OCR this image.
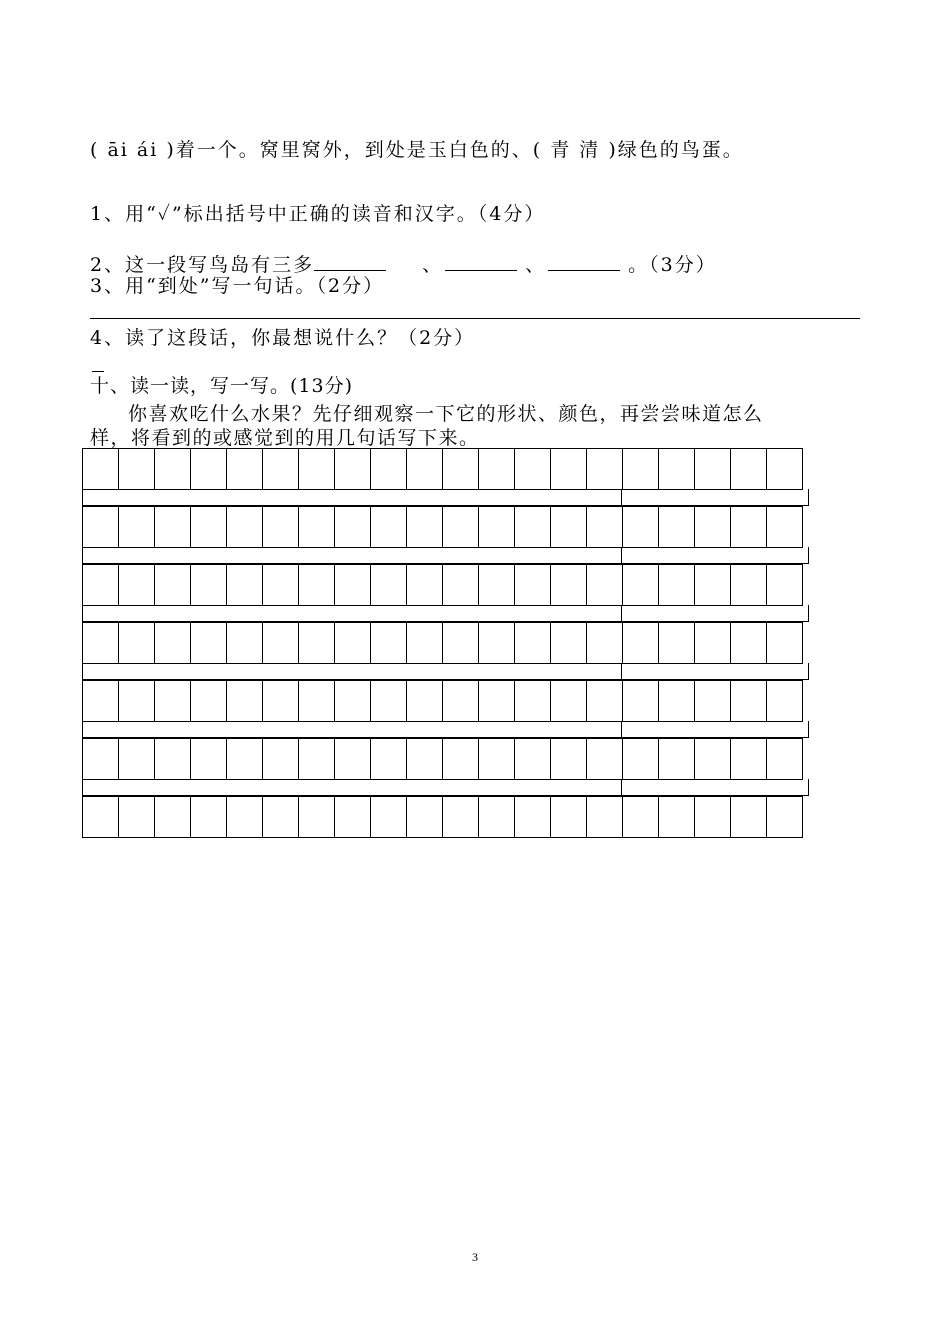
( āi ái )着一个。窝里窝外，到处是玉白色的、( 青 清 )绿色的鸟蛋。
1、用“✓”标出括号中正确的读音和汉字。（4分）
2、这一段写鸟岛有三多	、	、	。（3分）
3、用“到处”写一句话。（2分）
4、读了这段话，你最想说什么？（2分）
十、读一读，写一写。(13分)
你喜欢吃什么水果？先仔细观察一下它的形状、颜色，再尝尝味道怎么
样，将看到的或感觉到的用几句话写下来。
3
